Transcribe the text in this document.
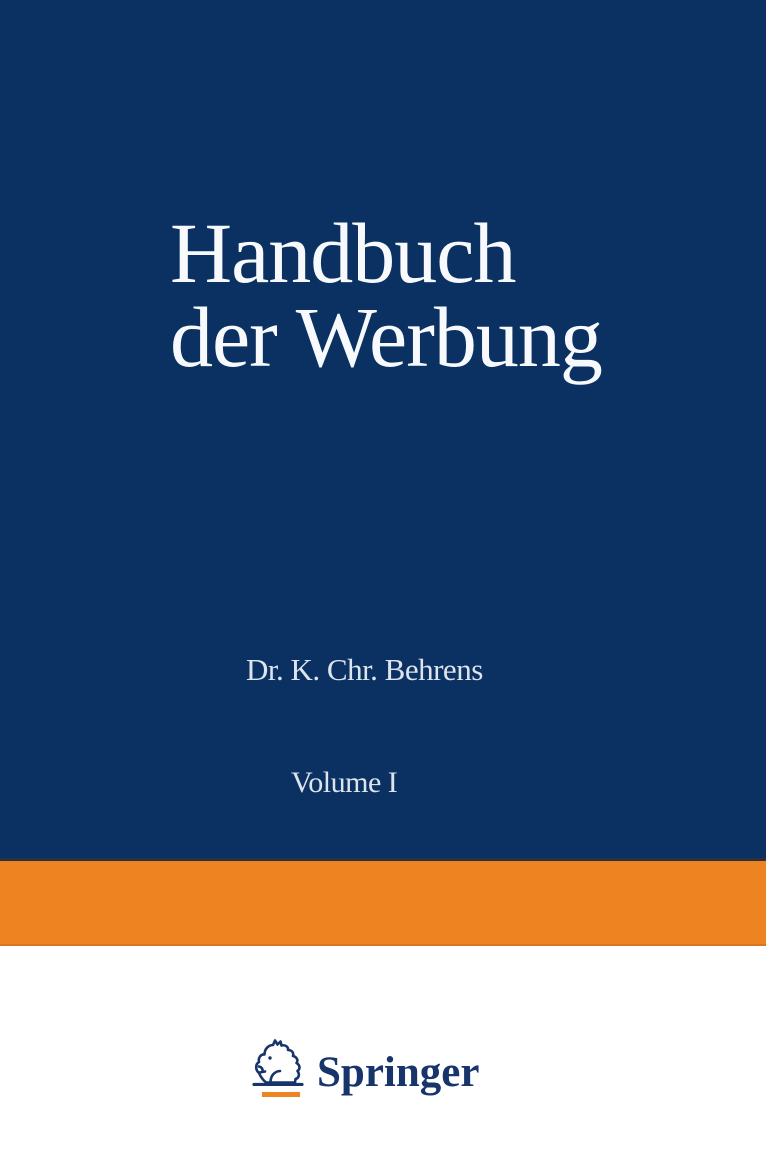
Handbuch
der Werbung
Dr. K. Chr. Behrens
Volume I
Springer
